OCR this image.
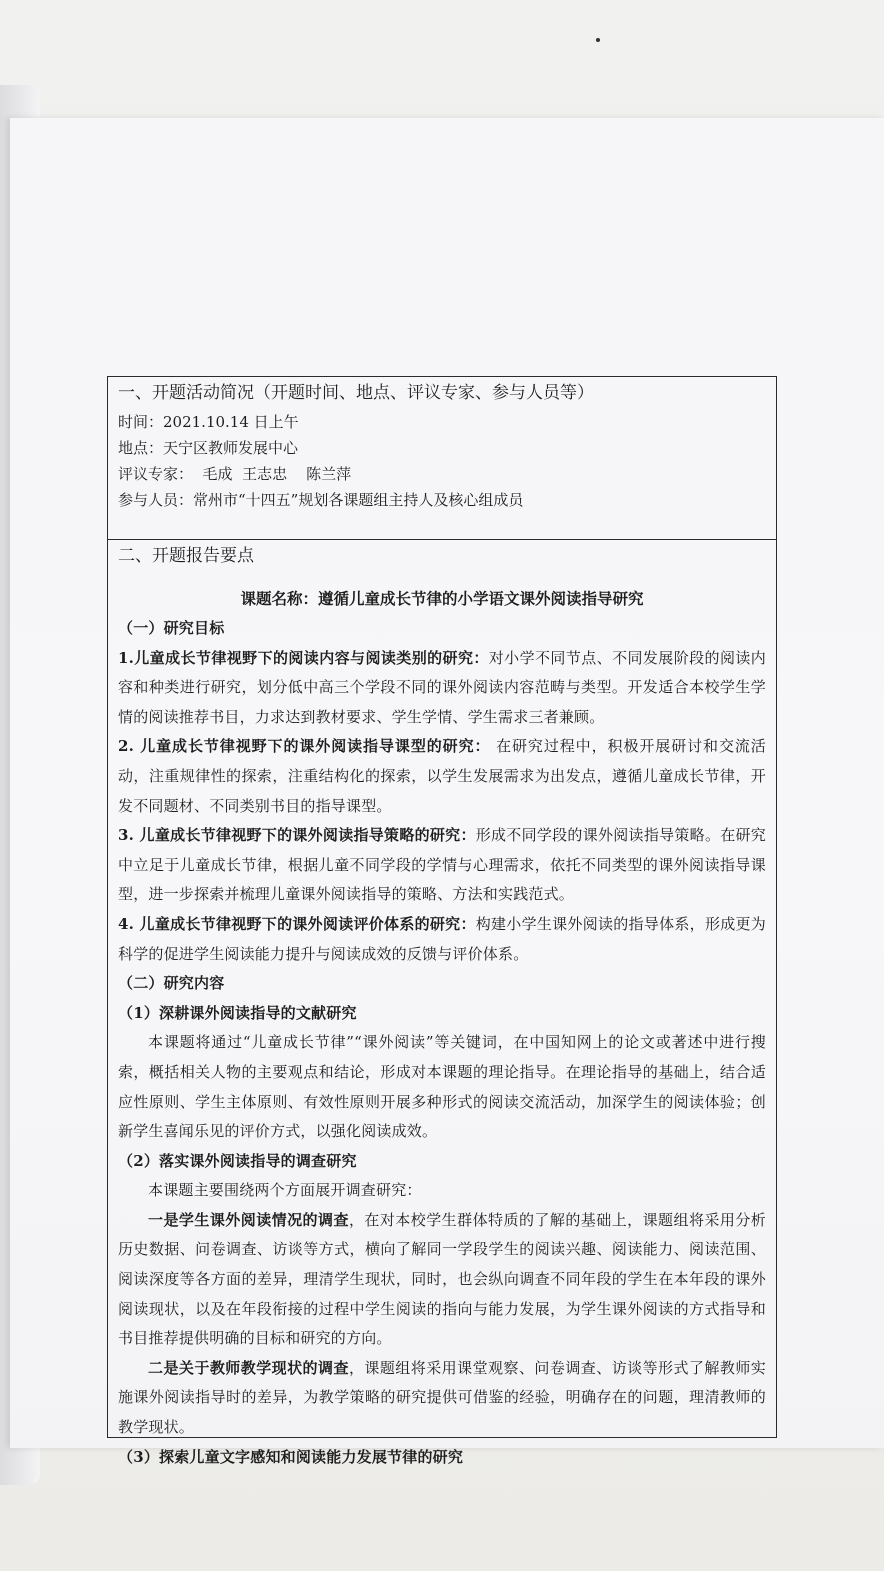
一、开题活动简况（开题时间、地点、评议专家、参与人员等）
时间：2021.10.14 日上午
地点：天宁区教师发展中心
评议专家：  毛成  王志忠    陈兰萍
参与人员：常州市“十四五”规划各课题组主持人及核心组成员
二、开题报告要点
课题名称：遵循儿童成长节律的小学语文课外阅读指导研究
（一）研究目标
1.儿童成长节律视野下的阅读内容与阅读类别的研究：对小学不同节点、不同发展阶段的阅读内容和种类进行研究，划分低中高三个学段不同的课外阅读内容范畴与类型。开发适合本校学生学情的阅读推荐书目，力求达到教材要求、学生学情、学生需求三者兼顾。
2. 儿童成长节律视野下的课外阅读指导课型的研究： 在研究过程中，积极开展研讨和交流活动，注重规律性的探索，注重结构化的探索，以学生发展需求为出发点，遵循儿童成长节律，开发不同题材、不同类别书目的指导课型。
3. 儿童成长节律视野下的课外阅读指导策略的研究：形成不同学段的课外阅读指导策略。在研究中立足于儿童成长节律，根据儿童不同学段的学情与心理需求，依托不同类型的课外阅读指导课型，进一步探索并梳理儿童课外阅读指导的策略、方法和实践范式。
4. 儿童成长节律视野下的课外阅读评价体系的研究：构建小学生课外阅读的指导体系，形成更为科学的促进学生阅读能力提升与阅读成效的反馈与评价体系。
（二）研究内容
（1）深耕课外阅读指导的文献研究
本课题将通过“儿童成长节律”“课外阅读”等关键词，在中国知网上的论文或著述中进行搜索，概括相关人物的主要观点和结论，形成对本课题的理论指导。在理论指导的基础上，结合适应性原则、学生主体原则、有效性原则开展多种形式的阅读交流活动，加深学生的阅读体验；创新学生喜闻乐见的评价方式，以强化阅读成效。
（2）落实课外阅读指导的调查研究
本课题主要围绕两个方面展开调查研究：
一是学生课外阅读情况的调查，在对本校学生群体特质的了解的基础上，课题组将采用分析历史数据、问卷调查、访谈等方式，横向了解同一学段学生的阅读兴趣、阅读能力、阅读范围、阅读深度等各方面的差异，理清学生现状，同时，也会纵向调查不同年段的学生在本年段的课外阅读现状，以及在年段衔接的过程中学生阅读的指向与能力发展，为学生课外阅读的方式指导和书目推荐提供明确的目标和研究的方向。
二是关于教师教学现状的调查，课题组将采用课堂观察、问卷调查、访谈等形式了解教师实施课外阅读指导时的差异，为教学策略的研究提供可借鉴的经验，明确存在的问题，理清教师的教学现状。
（3）探索儿童文字感知和阅读能力发展节律的研究
